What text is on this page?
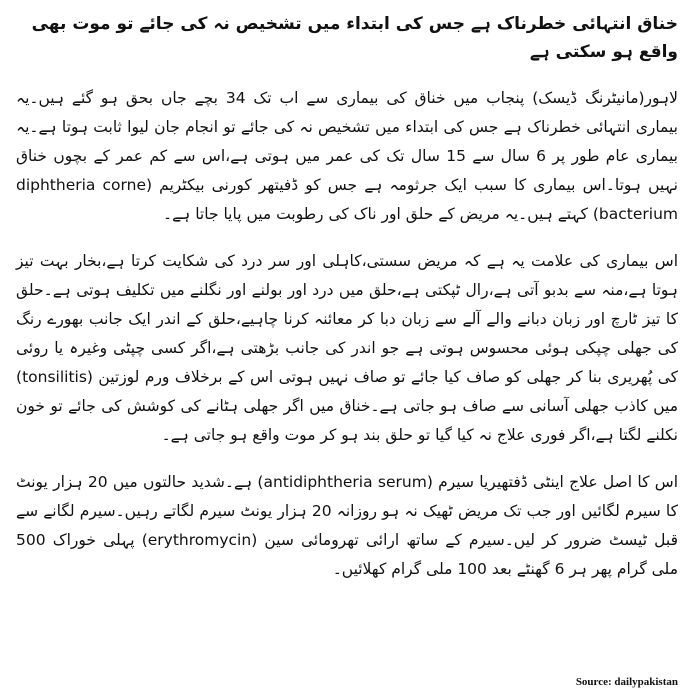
خناق انتہائی خطرناک ہے جس کی ابتداء میں تشخیص نہ کی جائے تو موت بھی واقع ہو سکتی ہے
لاہور(مانیٹرنگ ڈیسک) پنجاب میں خناق کی بیماری سے اب تک 34 بچے جاں بحق ہو گئے ہیں۔یہ بیماری انتہائی خطرناک ہے جس کی ابتداء میں تشخیص نہ کی جائے تو انجام جان لیوا ثابت ہوتا ہے۔یہ بیماری عام طور پر 6 سال سے 15 سال تک کی عمر میں ہوتی ہے،اس سے کم عمر کے بچوں خناق نہیں ہوتا۔اس بیماری کا سبب ایک جرثومہ ہے جس کو ڈفیتھر کورنی بیکٹریم (diphtheria corne bacterium) کہتے ہیں۔یہ مریض کے حلق اور ناک کی رطوبت میں پایا جاتا ہے۔
اس بیماری کی علامت یہ ہے کہ مریض سستی،کاہلی اور سر درد کی شکایت کرتا ہے،بخار بہت تیز ہوتا ہے،منہ سے بدبو آتی ہے،رال ٹپکتی ہے،حلق میں درد اور بولنے اور نگلنے میں تکلیف ہوتی ہے۔حلق کا تیز ٹارچ اور زبان دبانے والے آلے سے زبان دبا کر معائنہ کرنا چاہیے،حلق کے اندر ایک جانب بھورے رنگ کی جھلی چپکی ہوئی محسوس ہوتی ہے جو اندر کی جانب بڑھتی ہے،اگر کسی چپٹی وغیرہ یا روئی کی پُھریری بنا کر جھلی کو صاف کیا جائے تو صاف نہیں ہوتی اس کے برخلاف ورم لوزتین (tonsilitis) میں کاذب جھلی آسانی سے صاف ہو جاتی ہے۔خناق میں اگر جھلی ہٹانے کی کوشش کی جائے تو خون نکلنے لگتا ہے،اگر فوری علاج نہ کیا گیا تو حلق بند ہو کر موت واقع ہو جاتی ہے۔
اس کا اصل علاج اینٹی ڈفتھیریا سیرم (antidiphtheria serum) ہے۔شدید حالتوں میں 20 ہزار یونٹ کا سیرم لگائیں اور جب تک مریض ٹھیک نہ ہو روزانہ 20 ہزار یونٹ سیرم لگاتے رہیں۔سیرم لگانے سے قبل ٹیسٹ ضرور کر لیں۔سیرم کے ساتھ ارائی تھرومائی سین (erythromycin) پہلی خوراک 500 ملی گرام پھر ہر 6 گھنٹے بعد 100 ملی گرام کھلائیں۔
Source: dailypakistan
